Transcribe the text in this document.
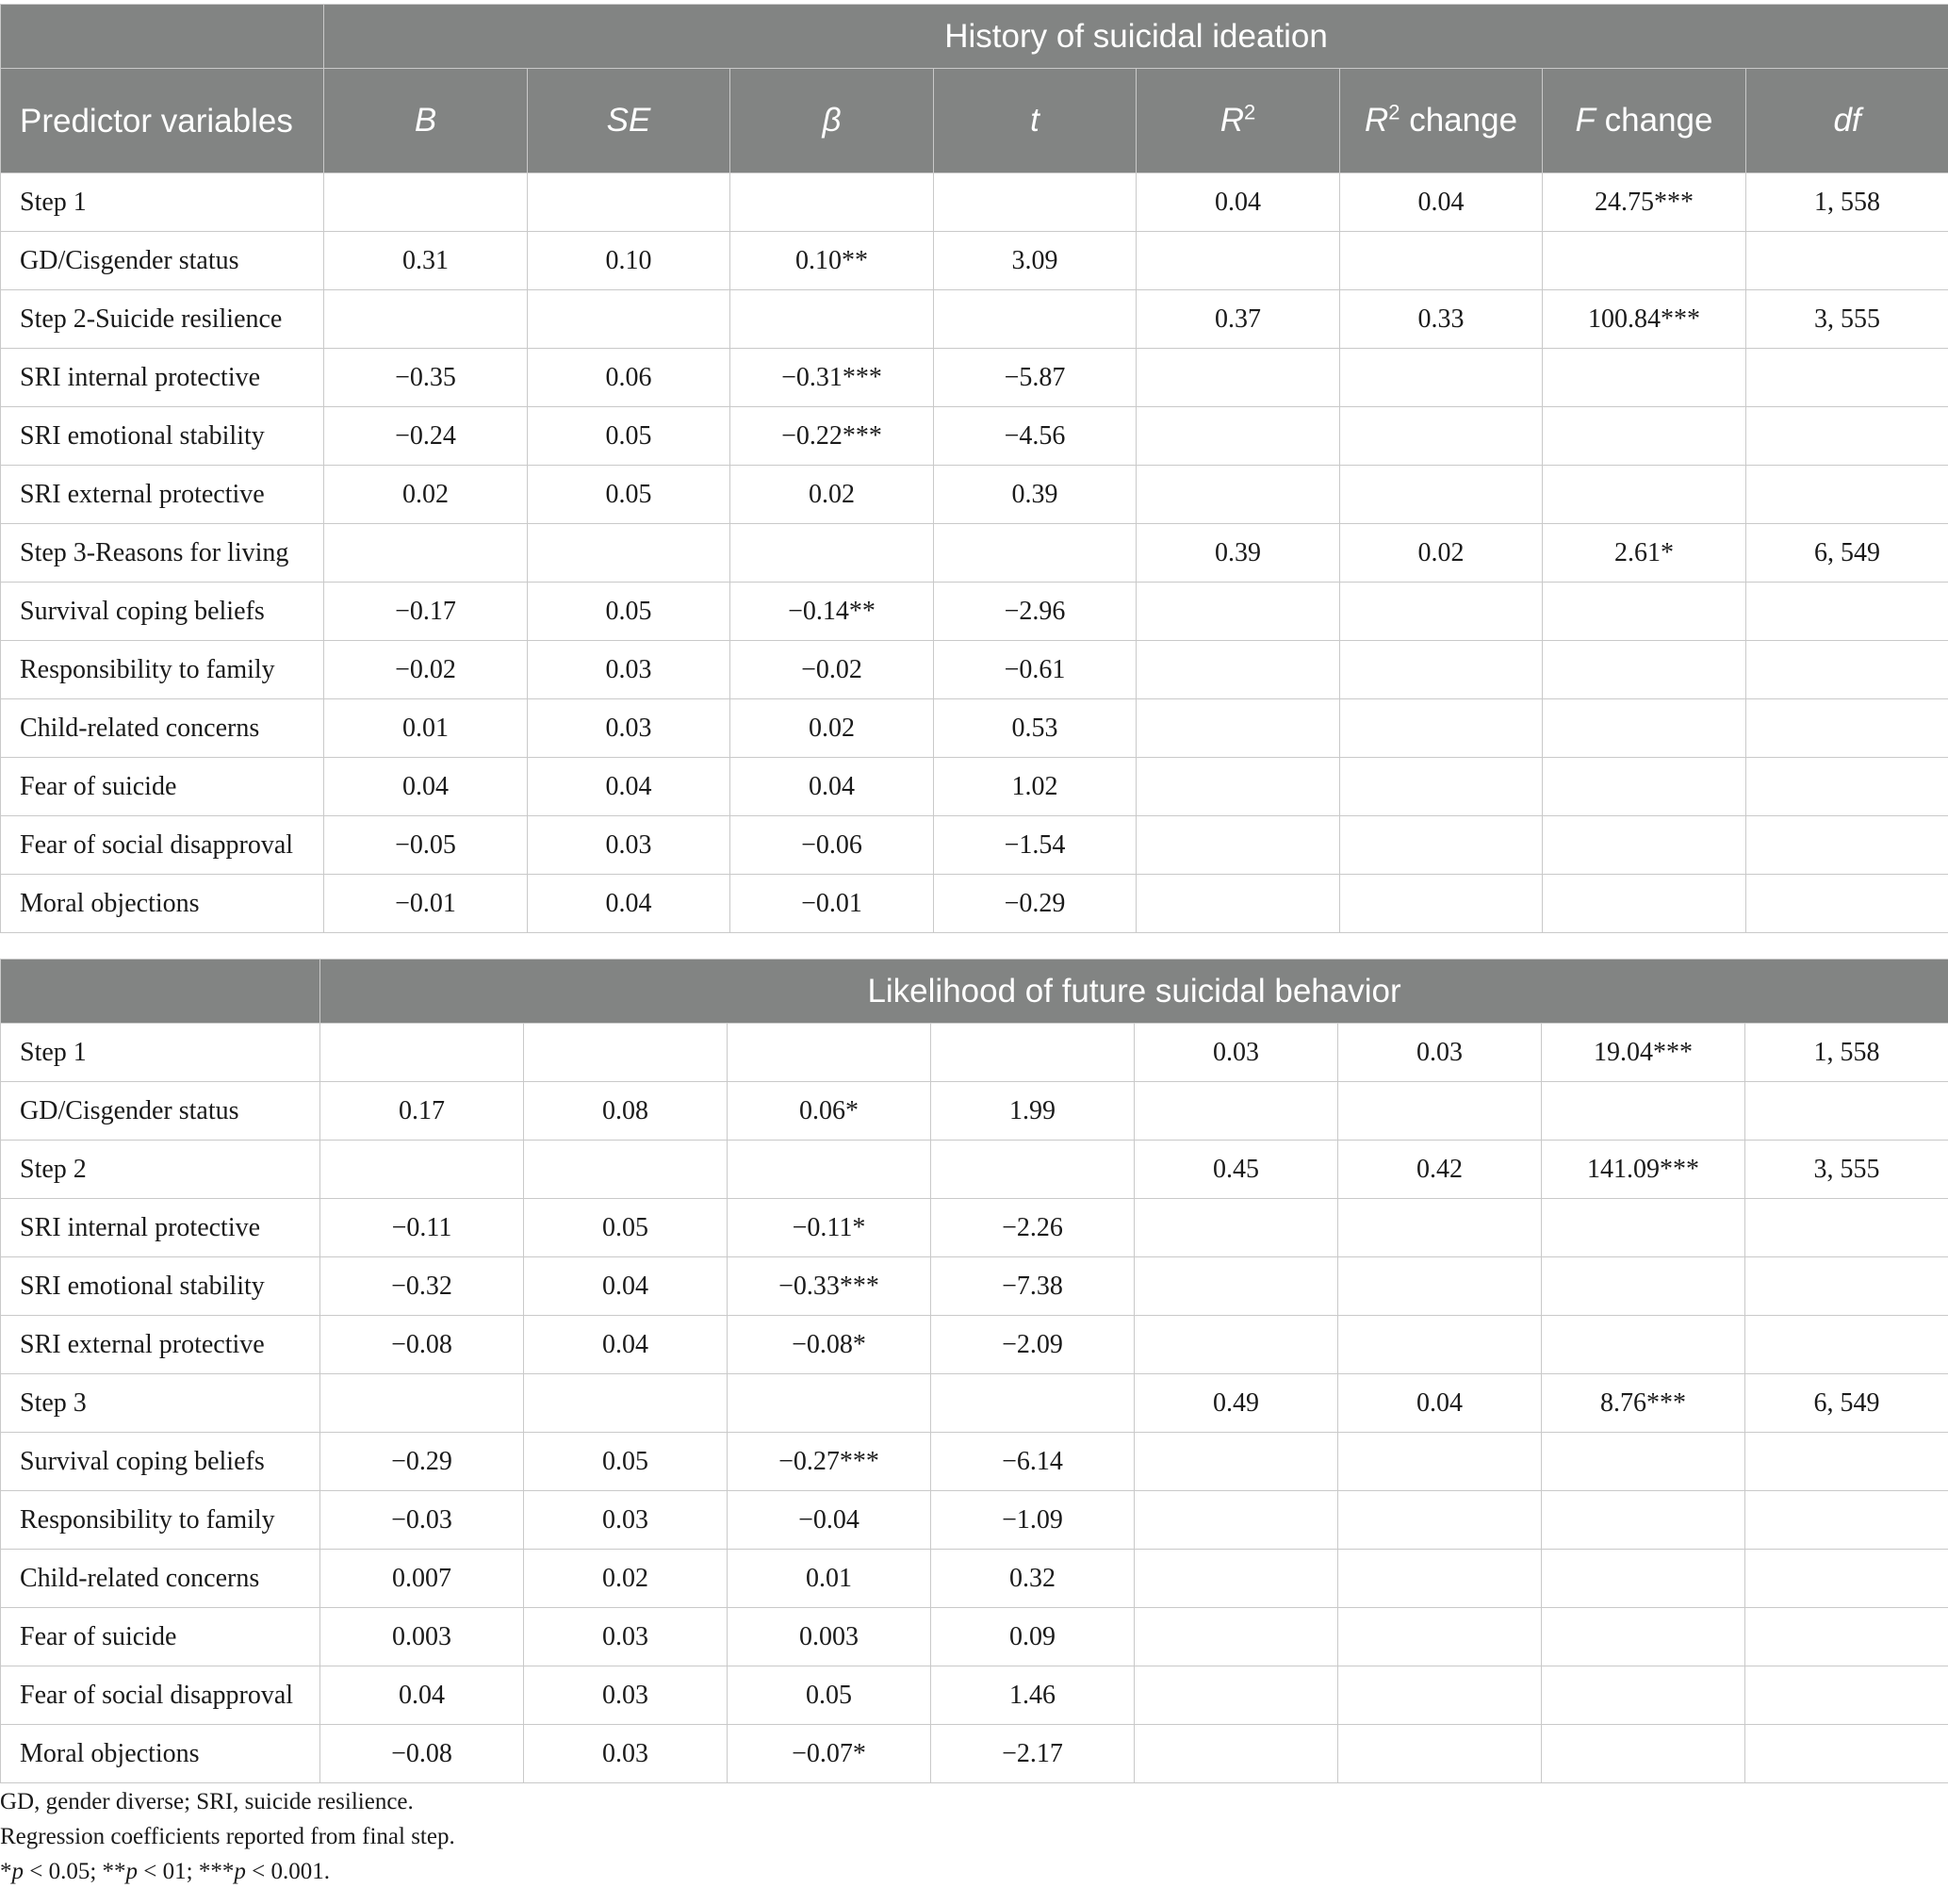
	History of suicidal ideation							
Predictor variables	B	SE	β	t	$R^2$	$R^2$ change	F change	df
Step 1					0.04	0.04	24.75***	1, 558
GD/Cisgender status	0.31	0.10	0.10**	3.09				
Step 2-Suicide resilience					0.37	0.33	100.84***	3, 555
SRI internal protective	−0.35	0.06	−0.31***	−5.87				
SRI emotional stability	−0.24	0.05	−0.22***	−4.56				
SRI external protective	0.02	0.05	0.02	0.39				
Step 3-Reasons for living					0.39	0.02	2.61*	6, 549
Survival coping beliefs	−0.17	0.05	−0.14**	−2.96				
Responsibility to family	−0.02	0.03	−0.02	−0.61				
Child-related concerns	0.01	0.03	0.02	0.53				
Fear of suicide	0.04	0.04	0.04	1.02				
Fear of social disapproval	−0.05	0.03	−0.06	−1.54				
Moral objections	−0.01	0.04	−0.01	−0.29				
	Likelihood of future suicidal behavior							
Step 1					0.03	0.03	19.04***	1, 558
GD/Cisgender status	0.17	0.08	0.06*	1.99				
Step 2					0.45	0.42	141.09***	3, 555
SRI internal protective	−0.11	0.05	−0.11*	−2.26				
SRI emotional stability	−0.32	0.04	−0.33***	−7.38				
SRI external protective	−0.08	0.04	−0.08*	−2.09				
Step 3					0.49	0.04	8.76***	6, 549
Survival coping beliefs	−0.29	0.05	−0.27***	−6.14				
Responsibility to family	−0.03	0.03	−0.04	−1.09				
Child-related concerns	0.007	0.02	0.01	0.32				
Fear of suicide	0.003	0.03	0.003	0.09				
Fear of social disapproval	0.04	0.03	0.05	1.46				
Moral objections	−0.08	0.03	−0.07*	−2.17				
GD, gender diverse; SRI, suicide resilience.
Regression coefficients reported from final step.
*p < 0.05; **p < 01; ***p < 0.001.
